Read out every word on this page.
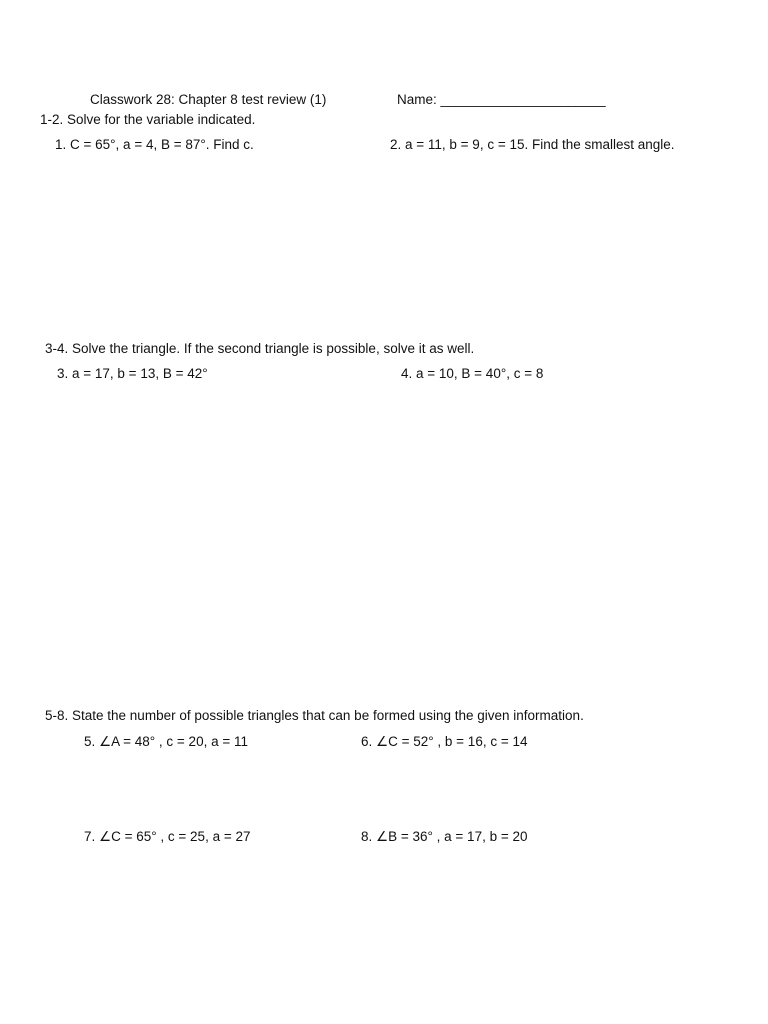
Classwork 28: Chapter 8 test review (1)	Name: ______________________
1-2. Solve for the variable indicated.
1. C = 65°, a = 4, B = 87°. Find c.	2. a = 11, b = 9, c = 15. Find the smallest angle.
3-4. Solve the triangle. If the second triangle is possible, solve it as well.
3. a = 17, b = 13, B = 42°	4. a = 10, B = 40°, c = 8
5-8. State the number of possible triangles that can be formed using the given information.
5. ∠A = 48° , c = 20, a = 11	6. ∠C = 52° , b = 16, c = 14
7. ∠C = 65° , c = 25, a = 27	8. ∠B = 36° , a = 17, b = 20
